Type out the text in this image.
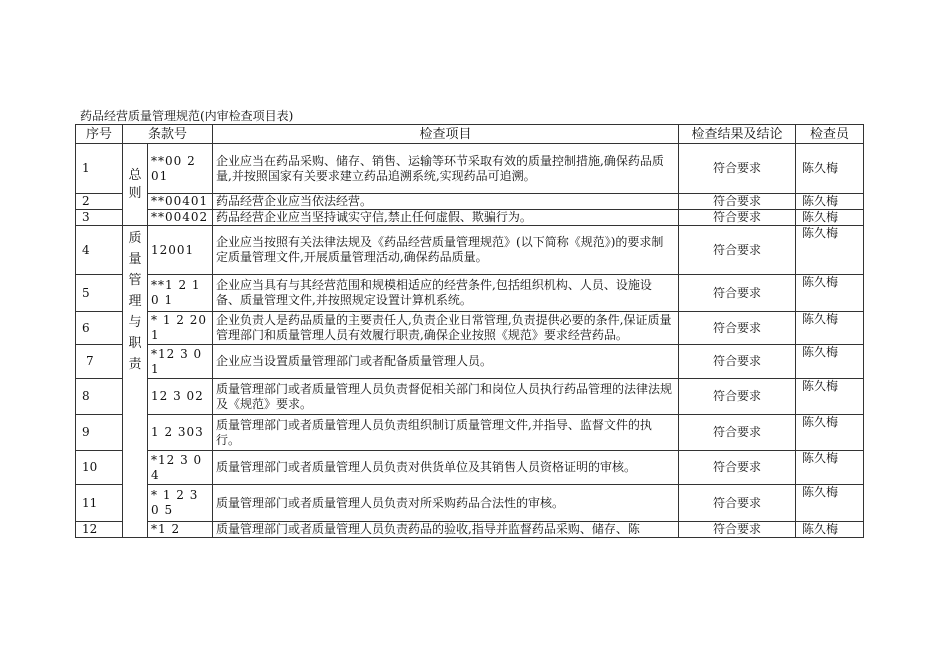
药品经营质量管理规范(内审检查项目表)
序号	条款号		检查项目	检查结果及结论	检查员
1	总则	**00 2 01	企业应当在药品采购、储存、销售、运输等环节采取有效的质量控制措施,确保药品质量,并按照国家有关要求建立药品追溯系统,实现药品可追溯。	符合要求	陈久梅
2		**00401	药品经营企业应当依法经营。	符合要求	陈久梅
3		**00402	药品经营企业应当坚持诚实守信,禁止任何虚假、欺骗行为。	符合要求	陈久梅
4	质量管理与职责	12001	企业应当按照有关法律法规及《药品经营质量管理规范》(以下简称《规范》)的要求制定质量管理文件,开展质量管理活动,确保药品质量。	符合要求	陈久梅
5		**1 2 1 0 1	企业应当具有与其经营范围和规模相适应的经营条件,包括组织机构、人员、设施设备、质量管理文件,并按照规定设置计算机系统。	符合要求	陈久梅
6		* 1 2 20 1	企业负责人是药品质量的主要责任人,负责企业日常管理,负责提供必要的条件,保证质量管理部门和质量管理人员有效履行职责,确保企业按照《规范》要求经营药品。	符合要求	陈久梅
7		*12 3 01	企业应当设置质量管理部门或者配备质量管理人员。	符合要求	陈久梅
8		12 3 02	质量管理部门或者质量管理人员负责督促相关部门和岗位人员执行药品管理的法律法规及《规范》要求。	符合要求	陈久梅
9		1 2 303	质量管理部门或者质量管理人员负责组织制订质量管理文件,并指导、监督文件的执行。	符合要求	陈久梅
10		*12 3 0 4	质量管理部门或者质量管理人员负责对供货单位及其销售人员资格证明的审核。	符合要求	陈久梅
11		* 1 2 3 0 5	质量管理部门或者质量管理人员负责对所采购药品合法性的审核。	符合要求	陈久梅
12		*1 2	质量管理部门或者质量管理人员负责药品的验收,指导并监督药品采购、储存、陈	符合要求	陈久梅
